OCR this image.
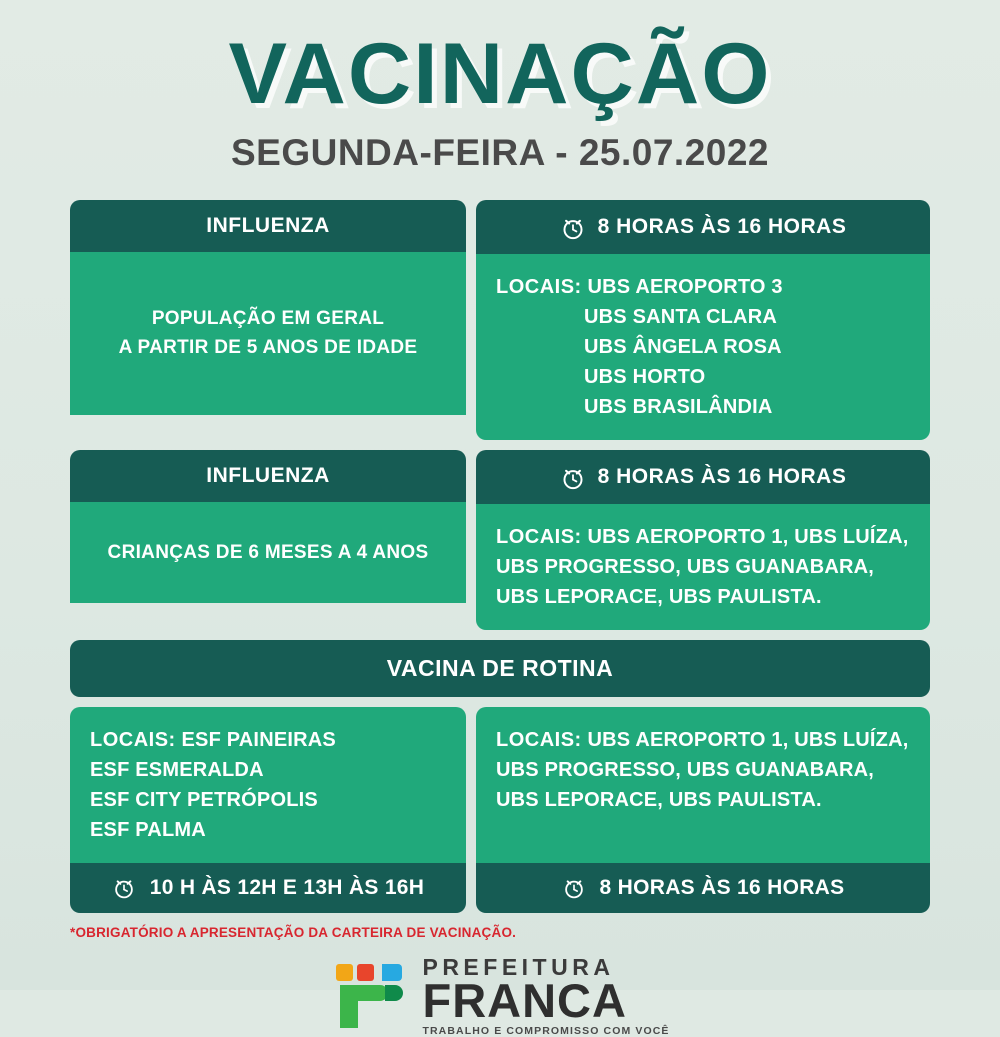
VACINAÇÃO
SEGUNDA-FEIRA - 25.07.2022
INFLUENZA
POPULAÇÃO EM GERAL
A PARTIR DE 5 ANOS DE IDADE
8 HORAS ÀS 16 HORAS
LOCAIS: UBS AEROPORTO 3
UBS SANTA CLARA
UBS ÂNGELA ROSA
UBS HORTO
UBS BRASILÂNDIA
INFLUENZA
CRIANÇAS DE 6 MESES A 4 ANOS
8 HORAS ÀS 16 HORAS
LOCAIS: UBS AEROPORTO 1, UBS LUÍZA,
UBS PROGRESSO, UBS GUANABARA,
UBS LEPORACE, UBS PAULISTA.
VACINA DE ROTINA
LOCAIS: ESF PAINEIRAS
ESF ESMERALDA
ESF CITY PETRÓPOLIS
ESF PALMA
10 H ÀS 12H E 13H ÀS 16H
LOCAIS: UBS AEROPORTO 1, UBS LUÍZA,
UBS PROGRESSO, UBS GUANABARA,
UBS LEPORACE, UBS PAULISTA.
8 HORAS ÀS 16 HORAS
*OBRIGATÓRIO A APRESENTAÇÃO DA CARTEIRA DE VACINAÇÃO.
PREFEITURA
FRANCA
TRABALHO E COMPROMISSO COM VOCÊ
